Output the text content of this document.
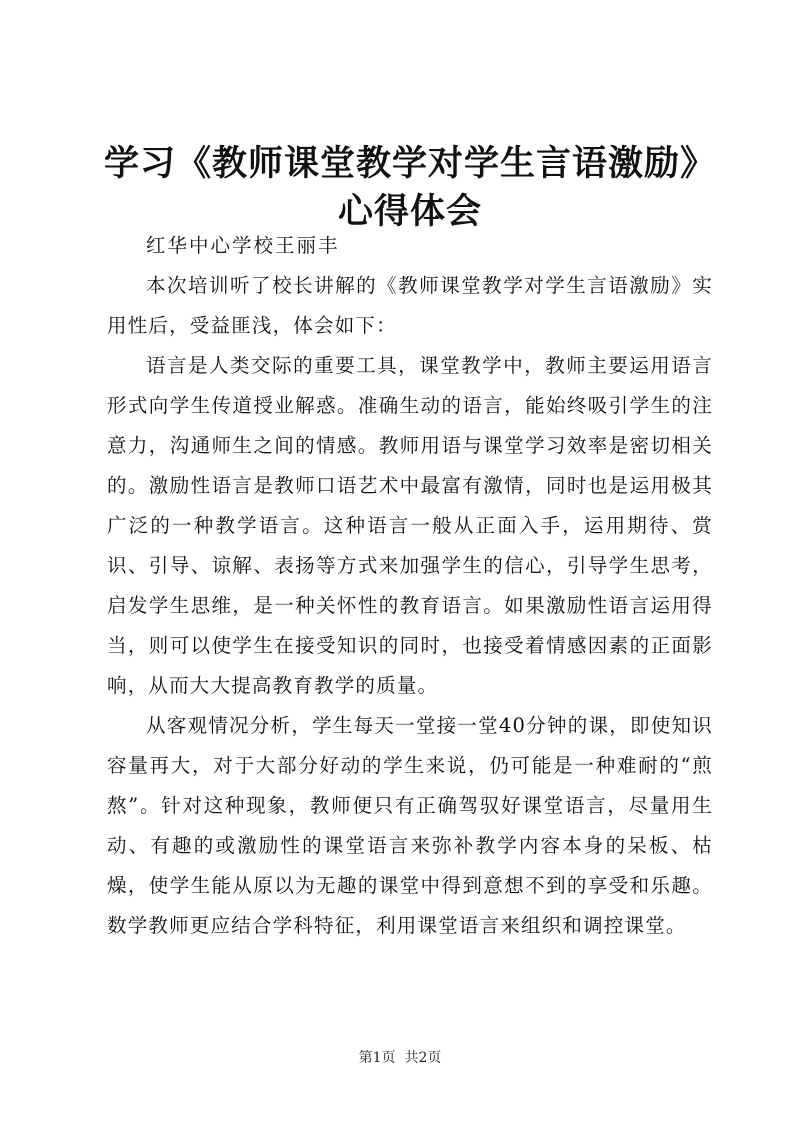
学习《教师课堂教学对学生言语激励》心得体会

红华中心学校王丽丰

本次培训听了校长讲解的《教师课堂教学对学生言语激励》实用性后，受益匪浅，体会如下：

语言是人类交际的重要工具，课堂教学中，教师主要运用语言形式向学生传道授业解惑。准确生动的语言，能始终吸引学生的注意力，沟通师生之间的情感。教师用语与课堂学习效率是密切相关的。激励性语言是教师口语艺术中最富有激情，同时也是运用极其广泛的一种教学语言。这种语言一般从正面入手，运用期待、赏识、引导、谅解、表扬等方式来加强学生的信心，引导学生思考，启发学生思维，是一种关怀性的教育语言。如果激励性语言运用得当，则可以使学生在接受知识的同时，也接受着情感因素的正面影响，从而大大提高教育教学的质量。

从客观情况分析，学生每天一堂接一堂40分钟的课，即使知识容量再大，对于大部分好动的学生来说，仍可能是一种难耐的“煎熬”。针对这种现象，教师便只有正确驾驭好课堂语言，尽量用生动、有趣的或激励性的课堂语言来弥补教学内容本身的呆板、枯燥，使学生能从原以为无趣的课堂中得到意想不到的享受和乐趣。数学教师更应结合学科特征，利用课堂语言来组织和调控课堂。

第1页  共2页
